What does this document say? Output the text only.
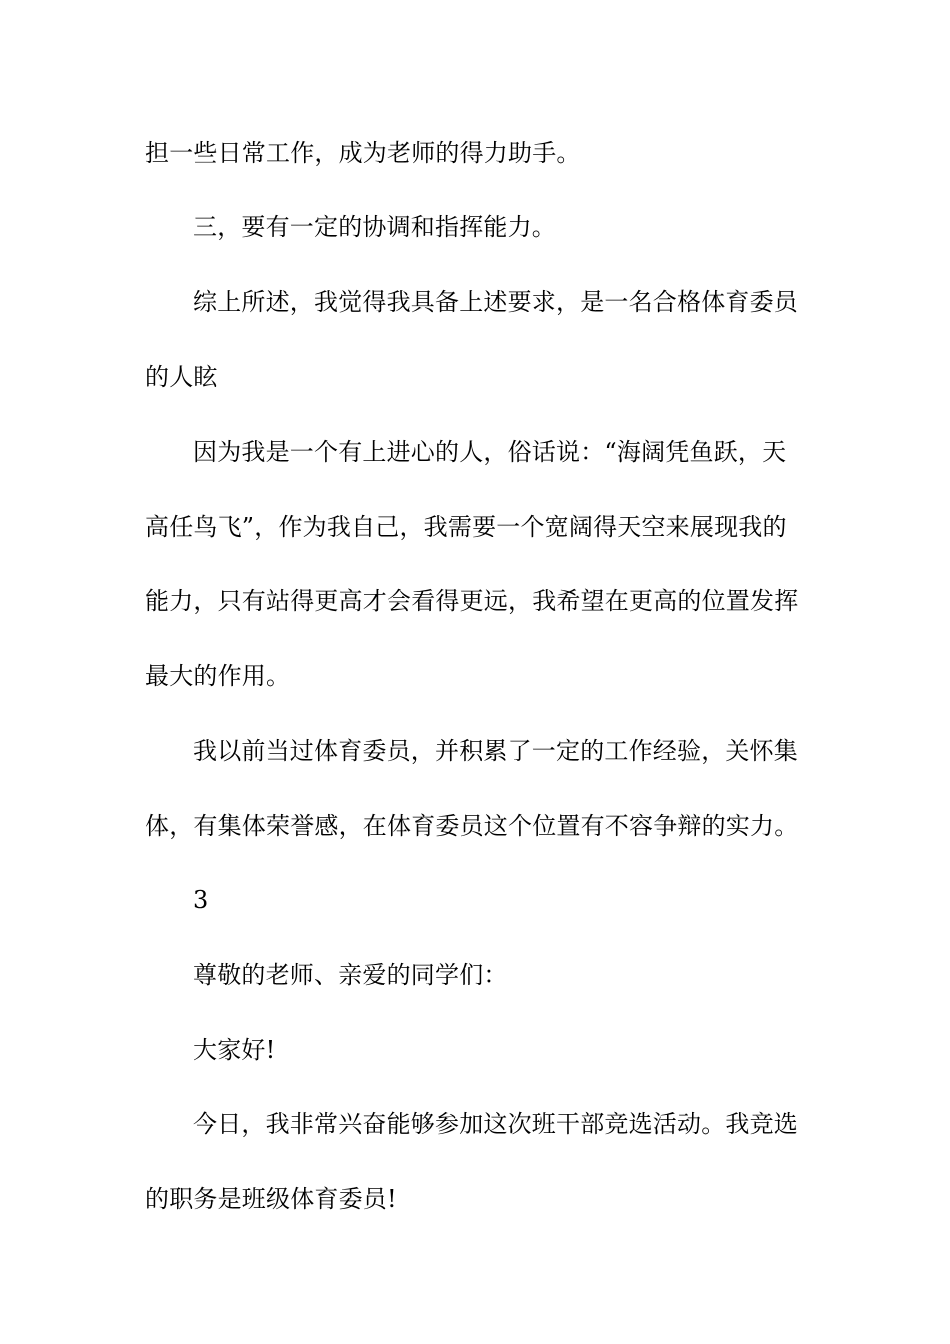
担一些日常工作，成为老师的得力助手。
三，要有一定的协调和指挥能力。
综上所述，我觉得我具备上述要求，是一名合格体育委员
的人眩
因为我是一个有上进心的人，俗话说：“海阔凭鱼跃，天
高任鸟飞”，作为我自己，我需要一个宽阔得天空来展现我的
能力，只有站得更高才会看得更远，我希望在更高的位置发挥
最大的作用。
我以前当过体育委员，并积累了一定的工作经验，关怀集
体，有集体荣誉感，在体育委员这个位置有不容争辩的实力。
3
尊敬的老师、亲爱的同学们：
大家好!
今日，我非常兴奋能够参加这次班干部竞选活动。我竞选
的职务是班级体育委员!
